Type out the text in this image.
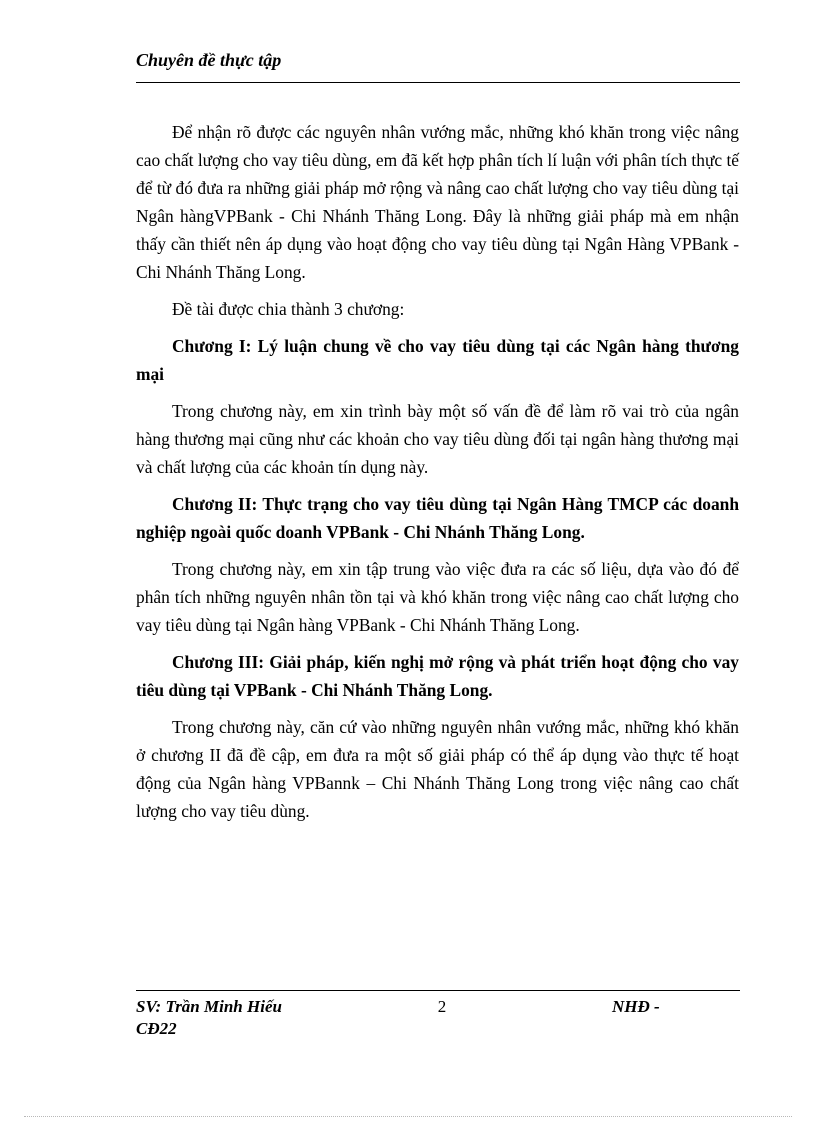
Chuyên đề thực tập

Để nhận rõ được các nguyên nhân vướng mắc, những khó khăn trong việc nâng cao chất lượng cho vay tiêu dùng, em đã kết hợp phân tích lí luận với phân tích thực tế để từ đó đưa ra những giải pháp mở rộng và nâng cao chất lượng cho vay tiêu dùng tại Ngân hàngVPBank - Chi Nhánh Thăng Long. Đây là những giải pháp mà em nhận thấy cần thiết nên áp dụng vào hoạt động cho vay tiêu dùng tại Ngân Hàng VPBank - Chi Nhánh Thăng Long.

Đề tài được chia thành 3 chương:

Chương I: Lý luận chung về cho vay tiêu dùng tại các Ngân hàng thương mại

Trong chương này, em xin trình bày một số vấn đề để làm rõ vai trò của ngân hàng thương mại cũng như các khoản cho vay tiêu dùng đối tại ngân hàng thương mại và chất lượng của các khoản tín dụng này.

Chương II: Thực trạng cho vay tiêu dùng tại Ngân Hàng TMCP các doanh nghiệp ngoài quốc doanh VPBank - Chi Nhánh Thăng Long.

Trong chương này, em xin tập trung vào việc đưa ra các số liệu, dựa vào đó để phân tích những nguyên nhân tồn tại và khó khăn trong việc nâng cao chất lượng cho vay tiêu dùng tại Ngân hàng VPBank - Chi Nhánh Thăng Long.

Chương III: Giải pháp, kiến nghị mở rộng và phát triển hoạt động cho vay tiêu dùng tại VPBank - Chi Nhánh Thăng Long.

Trong chương này, căn cứ vào những nguyên nhân vướng mắc, những khó khăn ở chương II đã đề cập, em đưa ra một số giải pháp có thể áp dụng vào thực tế hoạt động của Ngân hàng VPBannk – Chi Nhánh Thăng Long trong việc nâng cao chất lượng cho vay tiêu dùng.

SV: Trần Minh Hiếu CĐ22
2	NHĐ -
